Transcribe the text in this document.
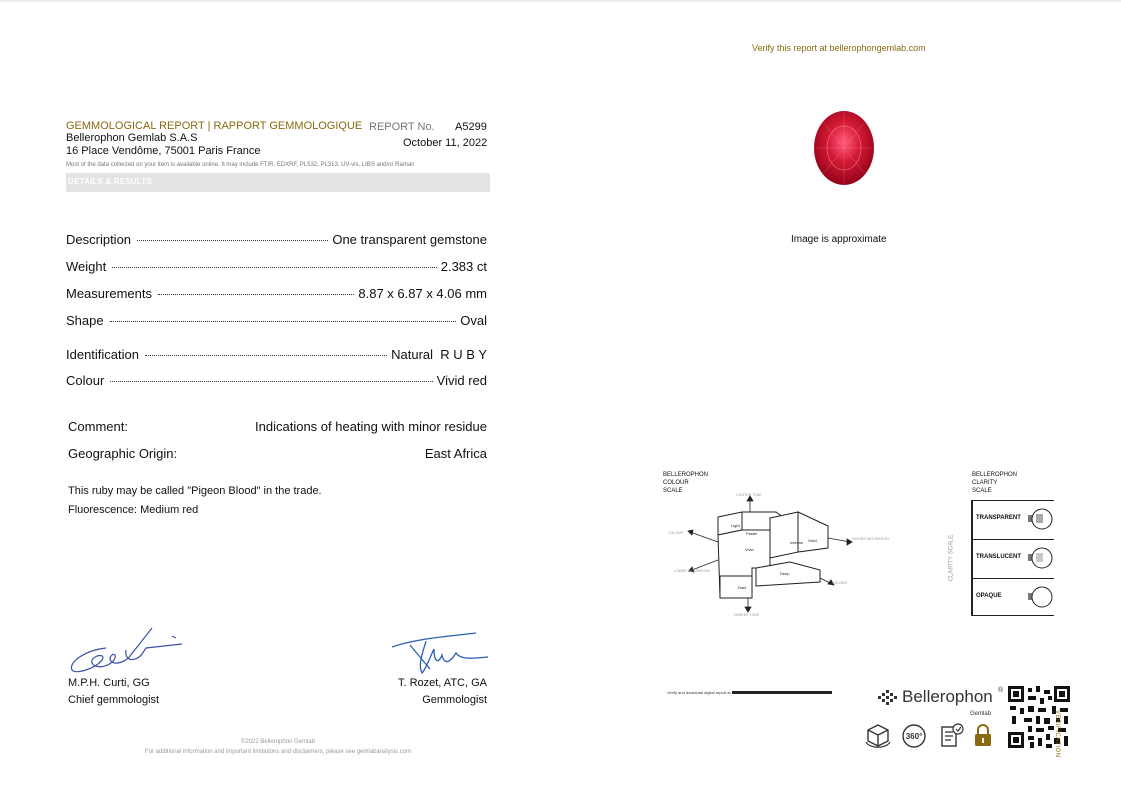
GEMMOLOGICAL REPORT | RAPPORT GEMMOLOGIQUE
Bellerophon Gemlab S.A.S
16 Place Vendôme, 75001 Paris France
REPORT No. A5299
October 11, 2022
Most of the data collected on your item is available online. It may include FTIR, EDXRF, PL532, PL313, UV-vis, LIBS and/or Raman
DETAILS & RESULTS
Description	One transparent gemstone
Weight	2.383 ct
Measurements	8.87 x 6.87 x 4.06 mm
Shape	Oval
Identification	Natural  R U B Y
Colour	Vivid red
Comment:	Indications of heating with minor residue
Geographic Origin:	East Africa
This ruby may be called "Pigeon Blood" in the trade.
Fluorescence: Medium red
M.P.H. Curti, GG
Chief gemmologist
T. Rozet, ATC, GA
Gemmologist
©2022 Bellerophon Gemlab
For additional information and important limitations and disclaimers, please see gemlabanalysis.com
Verify this report at bellerophongemlab.com
Image is approximate
BELLEROPHON
COLOUR
SCALE
Light
Pastel
Intense Vivid
Vivid
Deep
Dark
LIGHTER TONE
DARKER TONE
COLOUR
COLOUR
HIGHER SATURATION
LOWER SATURATION
BELLEROPHON
CLARITY
SCALE
CLARITY SCALE
TRANSPARENT
TRANSLUCENT
OPAQUE
Verify and download digital report at	Bellerophon ®
Gemlab
360°	VERIFICATION
